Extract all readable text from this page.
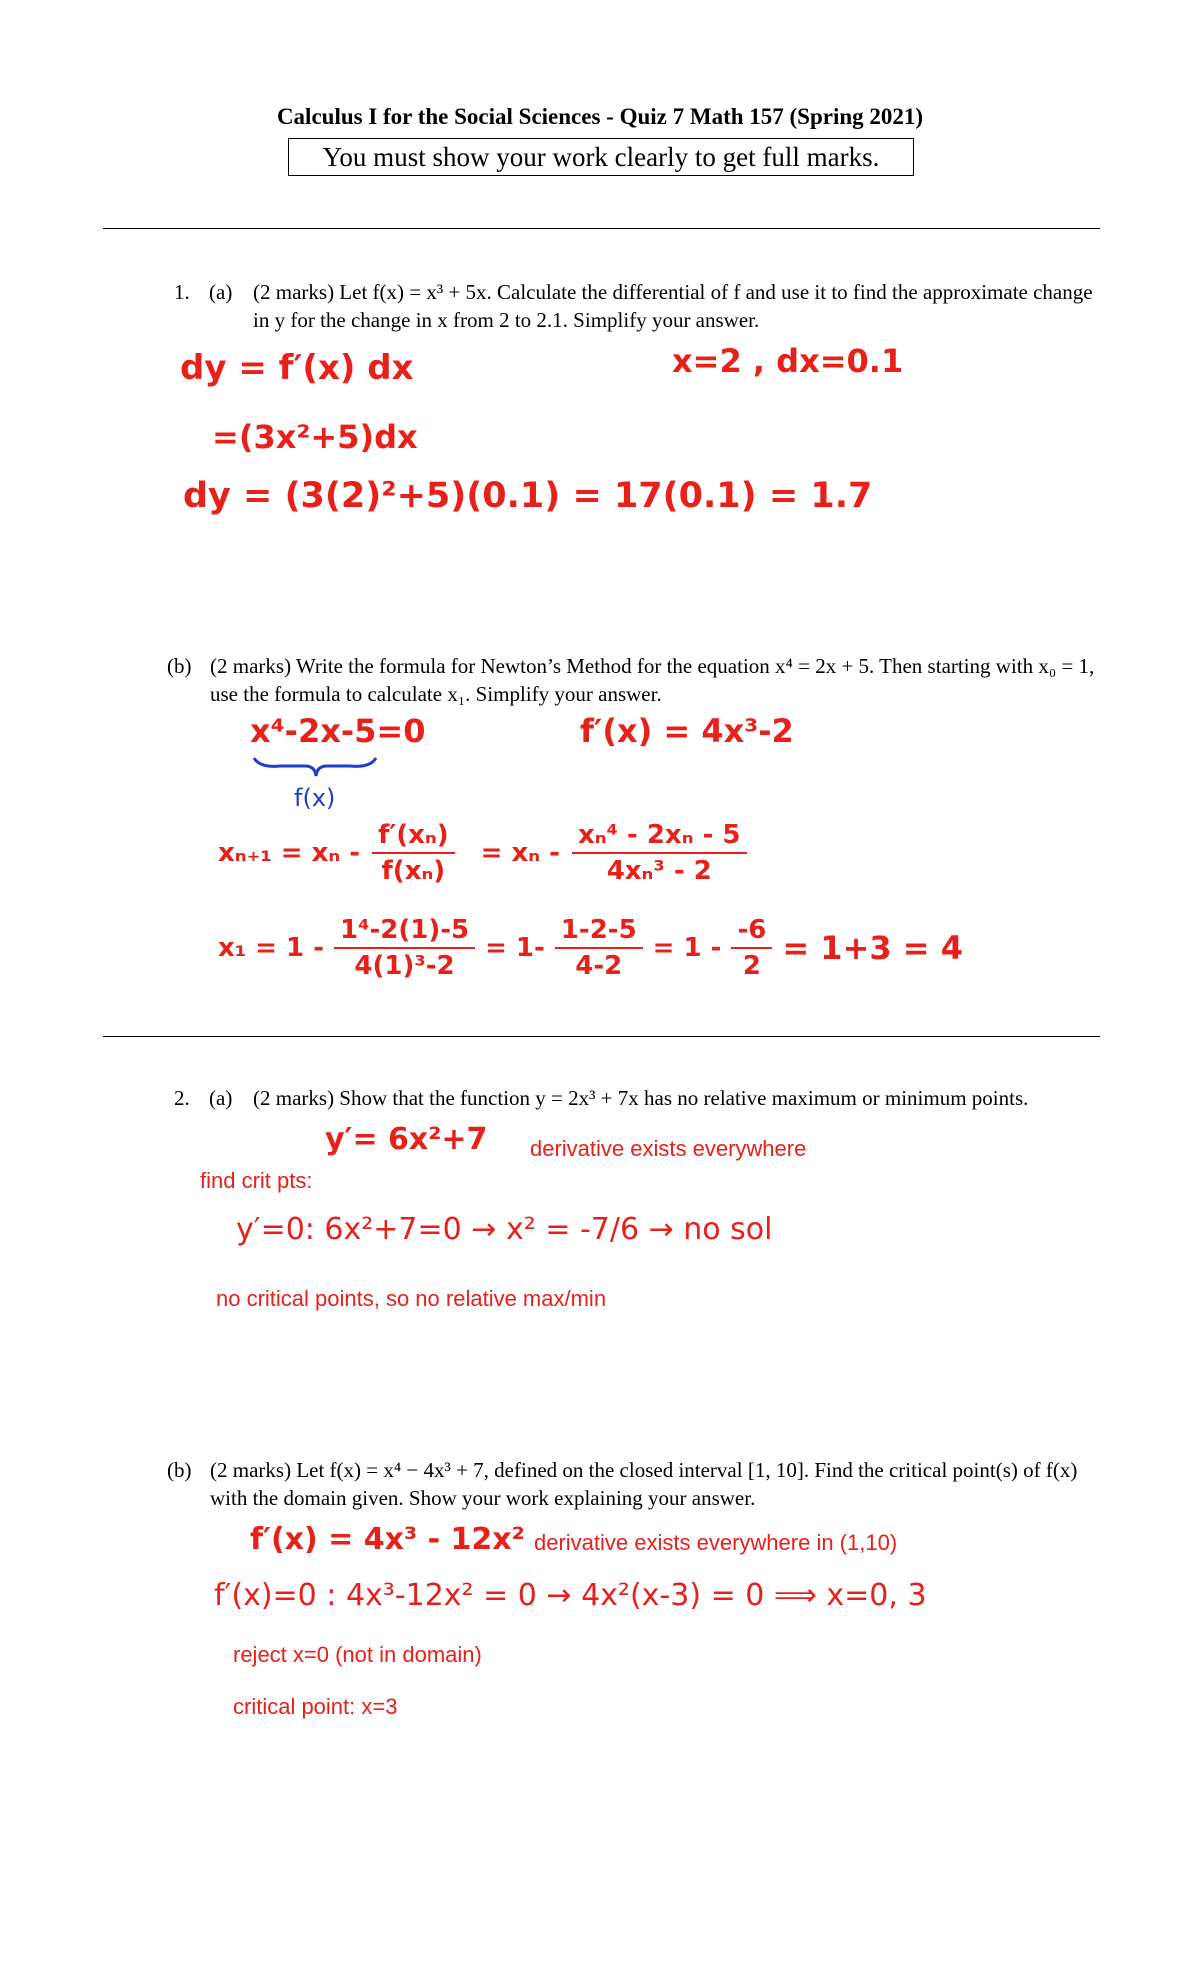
Calculus I for the Social Sciences - Quiz 7 Math 157 (Spring 2021)
You must show your work clearly to get full marks.
1. (a) (2 marks) Let f(x) = x³ + 5x. Calculate the differential of f and use it to find the approximate change in y for the change in x from 2 to 2.1. Simplify your answer.
dy = f′(x) dx	x=2 , dx=0.1
=(3x²+5)dx
dy = (3(2)²+5)(0.1) = 17(0.1) = 1.7
(b) (2 marks) Write the formula for Newton’s Method for the equation x⁴ = 2x + 5. Then starting with x₀ = 1, use the formula to calculate x₁. Simplify your answer.
x⁴-2x-5=0	f′(x) = 4x³-2
f(x)
$x_{n+1} = x_n - \frac{\text{f′(xₙ)}}{\text{f(xₙ)}} = x_n - \frac{\text{xₙ⁴ - 2xₙ - 5}}{\text{4xₙ³ - 2}}$
$x_1 = 1 - \frac{\text{1⁴-2(1)-5}}{\text{4(1)³-2}} = 1- \frac{1-2-5}{4-2} = 1 - \frac{-6}{2} = 1+3 = 4$
2. (a) (2 marks) Show that the function y = 2x³ + 7x has no relative maximum or minimum points.
y′= 6x²+7 derivative exists everywhere
find crit pts:
y′=0: 6x²+7=0 → x² = -7/6 → no sol
no critical points, so no relative max/min
(b) (2 marks) Let f(x) = x⁴ − 4x³ + 7, defined on the closed interval [1, 10]. Find the critical point(s) of f(x) with the domain given. Show your work explaining your answer.
f′(x) = 4x³ - 12x² derivative exists everywhere in (1,10)
f′(x)=0 : 4x³-12x² = 0 → 4x²(x-3) = 0 ⟹ x=0, 3
reject x=0 (not in domain)
critical point: x=3
